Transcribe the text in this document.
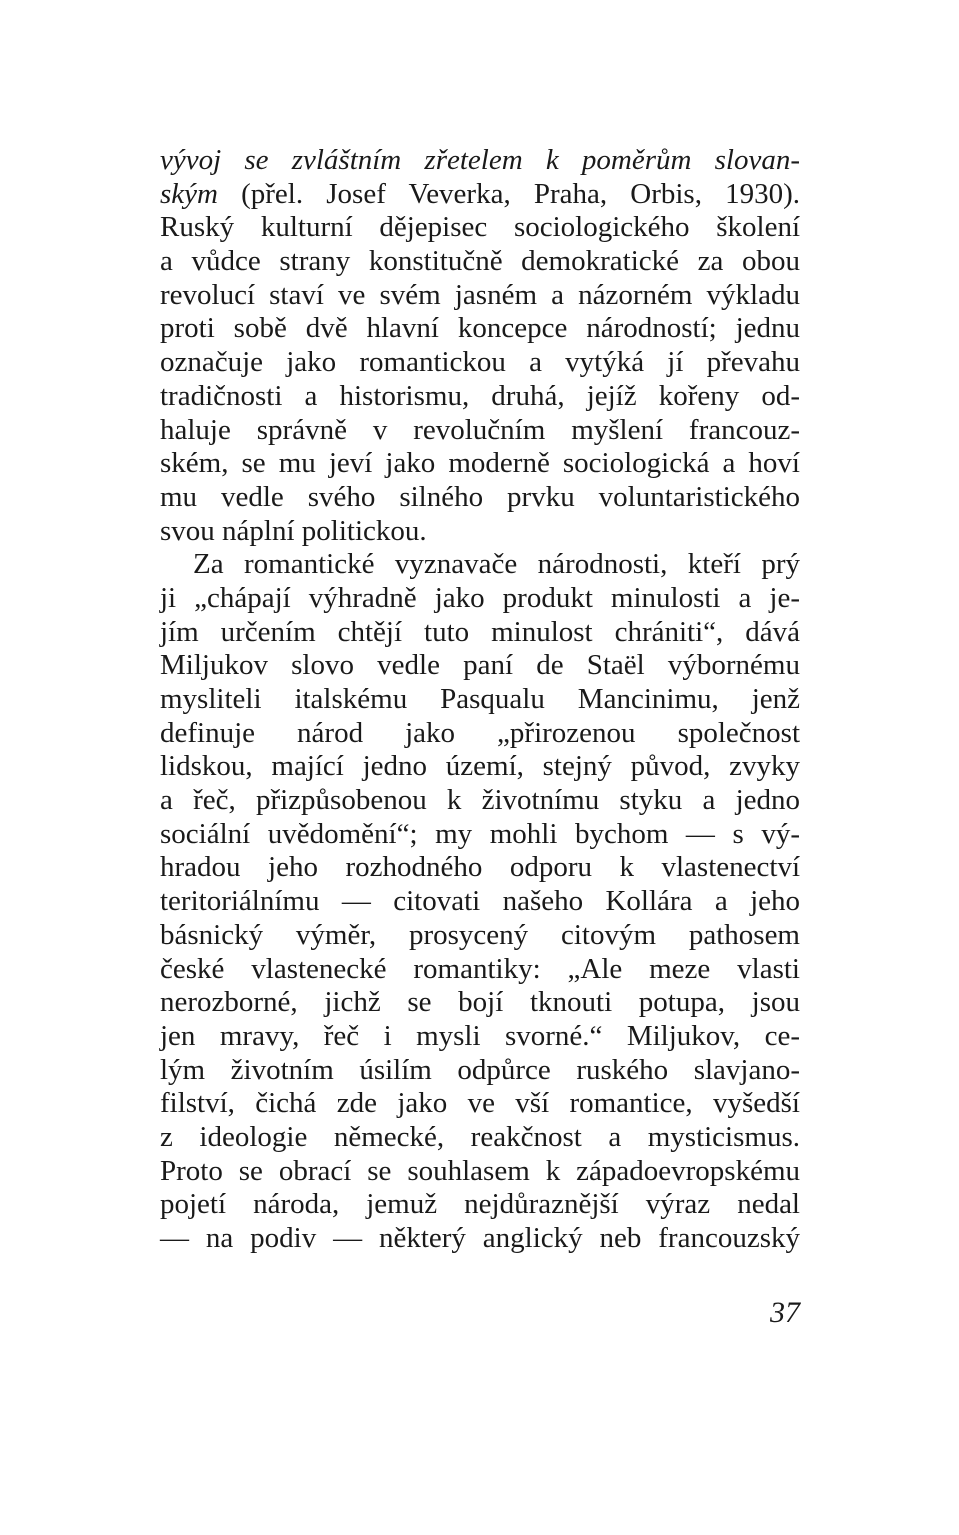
vývoj se zvláštním zřetelem k poměrům slovan-
ským (přel. Josef Veverka, Praha, Orbis, 1930).
Ruský kulturní dějepisec sociologického školení
a vůdce strany konstitučně demokratické za obou
revolucí staví ve svém jasném a názorném výkladu
proti sobě dvě hlavní koncepce národností; jednu
označuje jako romantickou a vytýká jí převahu
tradičnosti a historismu, druhá, jejíž kořeny od-
haluje správně v revolučním myšlení francouz-
ském, se mu jeví jako moderně sociologická a hoví
mu vedle svého silného prvku voluntaristického
svou náplní politickou.
Za romantické vyznavače národnosti, kteří prý
ji „chápají výhradně jako produkt minulosti a je-
jím určením chtějí tuto minulost chrániti“, dává
Miljukov slovo vedle paní de Staël výbornému
mysliteli italskému Pasqualu Mancinimu, jenž
definuje národ jako „přirozenou společnost
lidskou, mající jedno území, stejný původ, zvyky
a řeč, přizpůsobenou k životnímu styku a jedno
sociální uvědomění“; my mohli bychom — s vý-
hradou jeho rozhodného odporu k vlastenectví
teritoriálnímu — citovati našeho Kollára a jeho
básnický výměr, prosycený citovým pathosem
české vlastenecké romantiky: „Ale meze vlasti
nerozborné, jichž se bojí tknouti potupa, jsou
jen mravy, řeč i mysli svorné.“ Miljukov, ce-
lým životním úsilím odpůrce ruského slavjano-
filství, čichá zde jako ve vší romantice, vyšedší
z ideologie německé, reakčnost a mysticismus.
Proto se obrací se souhlasem k západoevropskému
pojetí národa, jemuž nejdůraznější výraz nedal
— na podiv — některý anglický neb francouzský
37
